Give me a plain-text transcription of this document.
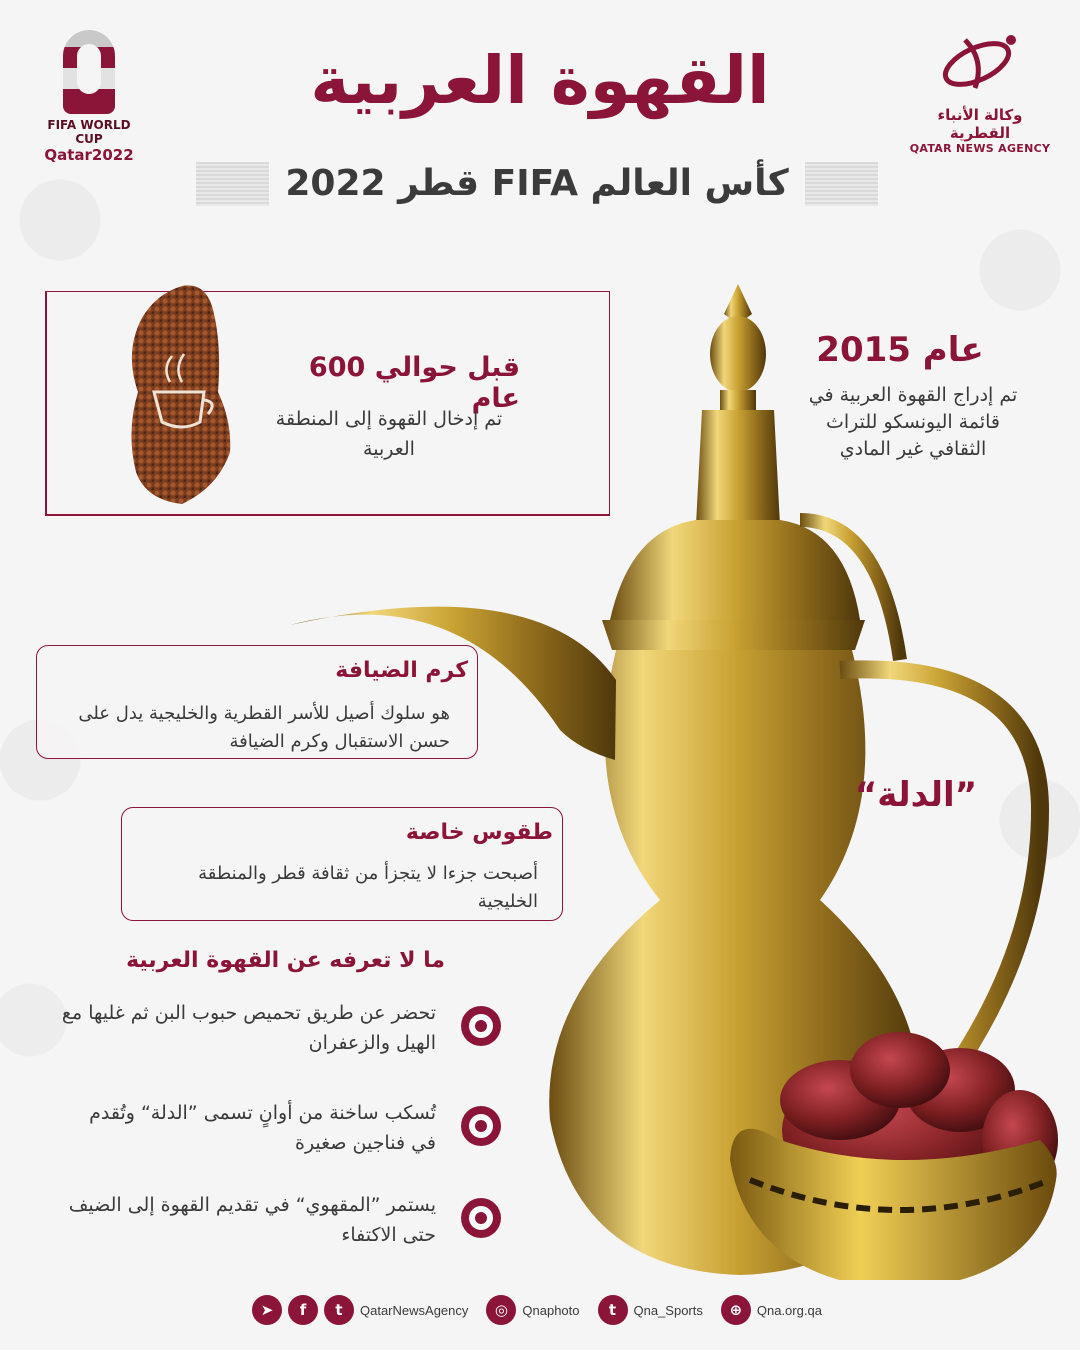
FIFA WORLD CUP
Qatar2022
وكالة الأنباء القطرية
QATAR NEWS AGENCY
القهوة العربية
كأس العالم FIFA قطر 2022
قبل حوالي 600 عام
تم إدخال القهوة إلى المنطقة العربية
عام 2015
تم إدراج القهوة العربية في قائمة اليونسكو للتراث الثقافي غير المادي
كرم الضيافة
هو سلوك أصيل للأسر القطرية والخليجية يدل على حسن الاستقبال وكرم الضيافة
طقوس خاصة
أصبحت جزءا لا يتجزأ من ثقافة قطر والمنطقة الخليجية
”الدلة“
ما لا تعرفه عن القهوة العربية
تحضر عن طريق تحميص حبوب البن ثم غليها مع الهيل والزعفران
تُسكب ساخنة من أوانٍ تسمى ”الدلة“ وتُقدم في فناجين صغيرة
يستمر ”المقهوي“ في تقديم القهوة إلى الضيف حتى الاكتفاء
➤	f	t	QatarNewsAgency	◎	Qnaphoto	t	Qna_Sports	⊕	Qna.org.qa
